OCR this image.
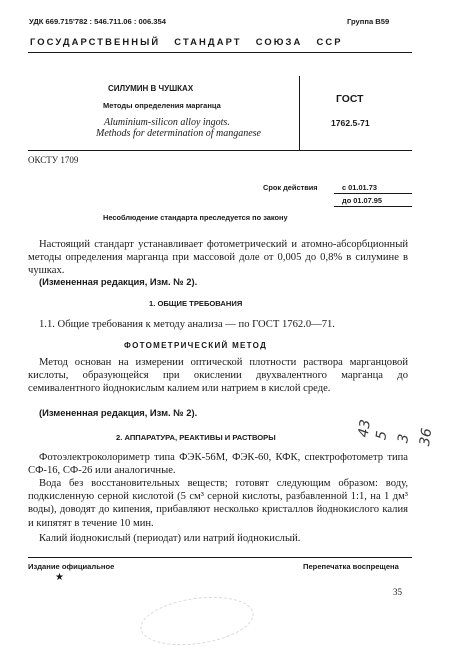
УДК 669.715'782 : 546.711.06 : 006.354	Группа В59
ГОСУДАРСТВЕННЫЙ   СТАНДАРТ   СОЮЗА   ССР
СИЛУМИН В ЧУШКАХ
Методы определения марганца
Aluminium-silicon alloy ingots.
Methods for determination of manganese
ГОСТ
1762.5-71
ОКСТУ 1709
Срок действия	с 01.01.73
до 01.07.95
Несоблюдение стандарта преследуется по закону

Настоящий стандарт устанавливает фотометрический и атомно-абсорбционный методы определения марганца при массовой доле от 0,005 до 0,8% в силумине в чушках.

(Измененная редакция, Изм. № 2).
1. ОБЩИЕ ТРЕБОВАНИЯ

1.1. Общие требования к методу анализа — по ГОСТ 1762.0—71.

ФОТОМЕТРИЧЕСКИЙ МЕТОД

Метод основан на измерении оптической плотности раствора марганцовой кислоты, образующейся при окислении двухвалентного марганца до семивалентного йоднокислым калием или натрием в кислой среде.

(Измененная редакция, Изм. № 2).
2. АППАРАТУРА, РЕАКТИВЫ И РАСТВОРЫ

Фотоэлектроколориметр типа ФЭК-56М, ФЭК-60, КФК, спектрофотометр типа СФ-16, СФ-26 или аналогичные.

Вода без восстановительных веществ; готовят следующим образом: воду, подкисленную серной кислотой (5 см³ серной кислоты, разбавленной 1:1, на 1 дм³ воды), доводят до кипения, прибавляют несколько кристаллов йоднокислого калия и кипятят в течение 10 мин.

Калий йоднокислый (периодат) или натрий йоднокислый.

Издание официальное
★
Перепечатка воспрещена
35
43 5 3 36
